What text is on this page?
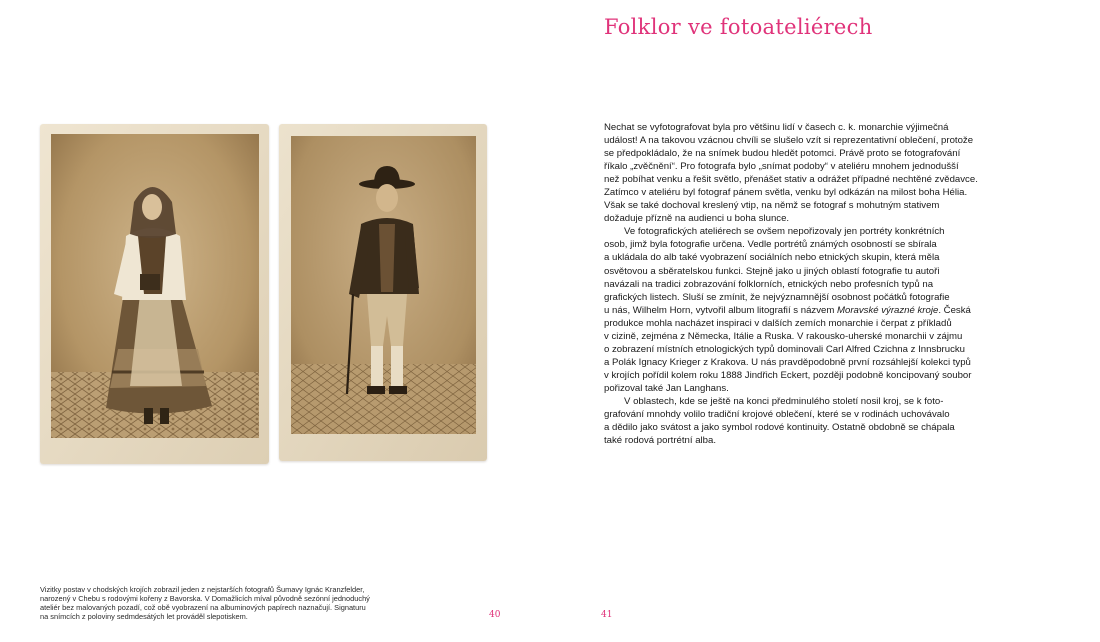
Vizitky postav v chodských krojích zobrazil jeden z nejstarších fotografů Šumavy Ignác Kranzfelder,
narozený v Chebu s rodovými kořeny z Bavorska. V Domažlicích míval původně sezónní jednoduchý
ateliér bez malovaných pozadí, což obě vyobrazení na albuminových papírech naznačují. Signaturu
na snímcích z poloviny sedmdesátých let prováděl slepotiskem.	40	41
Folklor ve fotoateliérech

Nechat se vyfotografovat byla pro většinu lidí v časech c. k. monarchie výjimečná
událost! A na takovou vzácnou chvíli se slušelo vzít si reprezentativní oblečení, protože
se předpokládalo, že na snímek budou hledět potomci. Právě proto se fotografování
říkalo „zvěčnění“. Pro fotografa bylo „snímat podoby“ v ateliéru mnohem jednodušší
než pobíhat venku a řešit světlo, přenášet stativ a odrážet případné nechtěné zvědavce.
Zatímco v ateliéru byl fotograf pánem světla, venku byl odkázán na milost boha Hélia.
Však se také dochoval kreslený vtip, na němž se fotograf s mohutným stativem
dožaduje přízně na audienci u boha slunce.

Ve fotografických ateliérech se ovšem nepořizovaly jen portréty konkrétních
osob, jimž byla fotografie určena. Vedle portrétů známých osobností se sbírala
a ukládala do alb také vyobrazení sociálních nebo etnických skupin, která měla
osvětovou a sběratelskou funkci. Stejně jako u jiných oblastí fotografie tu autoři
navázali na tradici zobrazování folklorních, etnických nebo profesních typů na
grafických listech. Sluší se zmínit, že nejvýznamnější osobnost počátků fotografie
u nás, Wilhelm Horn, vytvořil album litografií s názvem Moravské výrazné kroje. Česká
produkce mohla nacházet inspiraci v dalších zemích monarchie i čerpat z příkladů
v cizině, zejména z Německa, Itálie a Ruska. V rakousko-uherské monarchii v zájmu
o zobrazení místních etnologických typů dominovali Carl Alfred Czichna z Innsbrucku
a Polák Ignacy Krieger z Krakova. U nás pravděpodobně první rozsáhlejší kolekci typů
v krojích pořídil kolem roku 1888 Jindřich Eckert, později podobně koncipovaný soubor
pořizoval také Jan Langhans.

V oblastech, kde se ještě na konci předminulého století nosil kroj, se k foto-
grafování mnohdy volilo tradiční krojové oblečení, které se v rodinách uchovávalo
a dědilo jako svátost a jako symbol rodové kontinuity. Ostatně obdobně se chápala
také rodová portrétní alba.
